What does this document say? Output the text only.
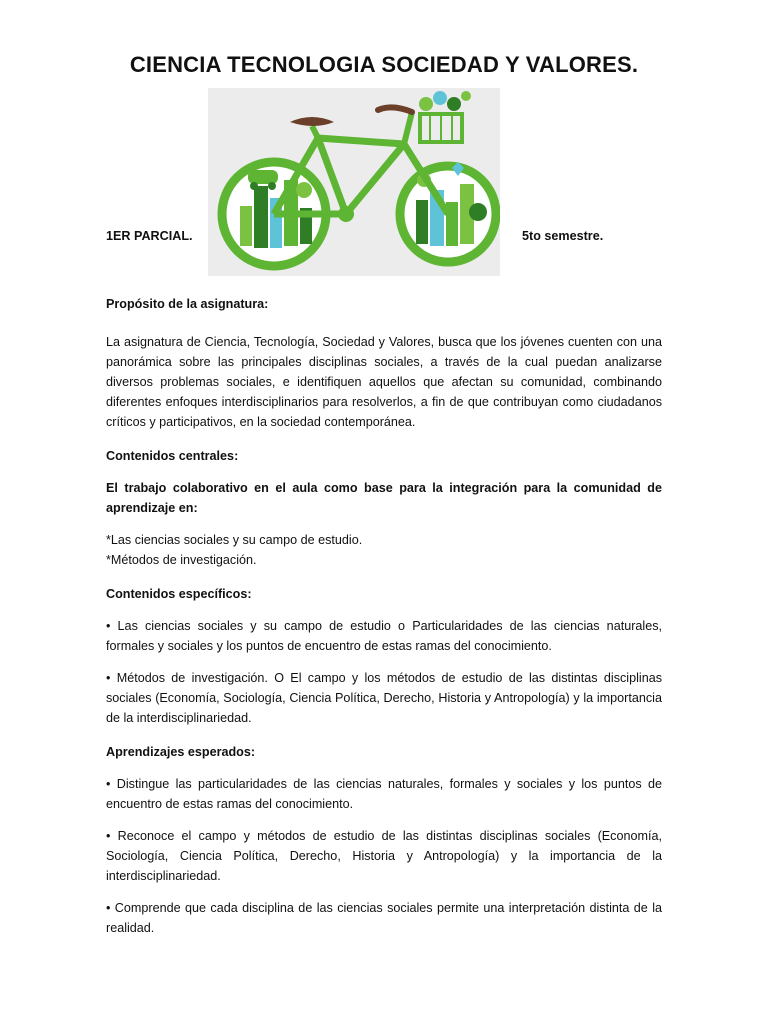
CIENCIA TECNOLOGIA SOCIEDAD Y VALORES.
1ER PARCIAL.	5to semestre.

Propósito de la asignatura:

La asignatura de Ciencia, Tecnología, Sociedad y Valores, busca que los jóvenes cuenten con una panorámica sobre las principales disciplinas sociales, a través de la cual puedan analizarse diversos problemas sociales, e identifiquen aquellos que afectan su comunidad, combinando diferentes enfoques interdisciplinarios para resolverlos, a fin de que contribuyan como ciudadanos críticos y participativos, en la sociedad contemporánea.

Contenidos centrales:

El trabajo colaborativo en el aula como base para la integración para la comunidad de aprendizaje en:

*Las ciencias sociales y su campo de estudio.

*Métodos de investigación.

Contenidos específicos:

• Las ciencias sociales y su campo de estudio o Particularidades de las ciencias naturales, formales y sociales y los puntos de encuentro de estas ramas del conocimiento.

• Métodos de investigación. O El campo y los métodos de estudio de las distintas disciplinas sociales (Economía, Sociología, Ciencia Política, Derecho, Historia y Antropología) y la importancia de la interdisciplinariedad.

Aprendizajes esperados:

• Distingue las particularidades de las ciencias naturales, formales y sociales y los puntos de encuentro de estas ramas del conocimiento.

• Reconoce el campo y métodos de estudio de las distintas disciplinas sociales (Economía, Sociología, Ciencia Política, Derecho, Historia y Antropología) y la importancia de la interdisciplinariedad.

• Comprende que cada disciplina de las ciencias sociales permite una interpretación distinta de la realidad.
